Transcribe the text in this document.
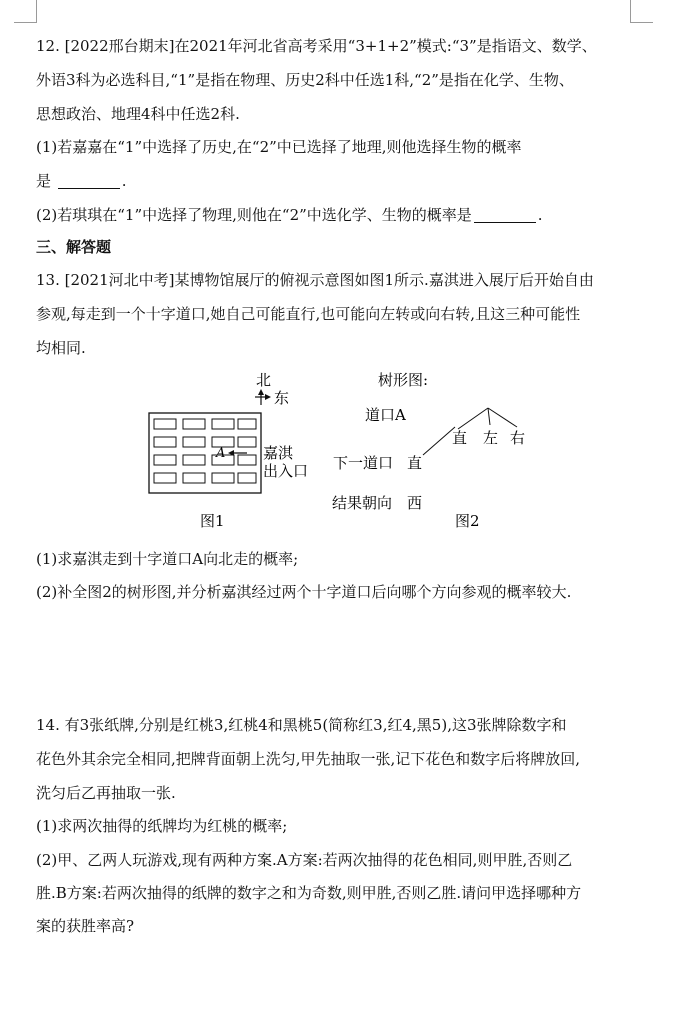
12. [2022邢台期末]在2021年河北省高考采用“3+1+2”模式:“3”是指语文、数学、
外语3科为必选科目,“1”是指在物理、历史2科中任选1科,“2”是指在化学、生物、
思想政治、地理4科中任选2科.
(1)若嘉嘉在“1”中选择了历史,在“2”中已选择了地理,则他选择生物的概率
是	.
(2)若琪琪在“1”中选择了物理,则他在“2”中选化学、生物的概率是	.
三、解答题
13. [2021河北中考]某博物馆展厅的俯视示意图如图1所示.嘉淇进入展厅后开始自由
参观,每走到一个十字道口,她自己可能直行,也可能向左转或向右转,且这三种可能性
均相同.
北
东
A	嘉淇
出入口
图1
树形图:
道口A
下一道口 直
直 左 右
结果朝向 西
图2
(1)求嘉淇走到十字道口A向北走的概率;
(2)补全图2的树形图,并分析嘉淇经过两个十字道口后向哪个方向参观的概率较大.
14. 有3张纸牌,分别是红桃3,红桃4和黑桃5(简称红3,红4,黑5),这3张牌除数字和
花色外其余完全相同,把牌背面朝上洗匀,甲先抽取一张,记下花色和数字后将牌放回,
洗匀后乙再抽取一张.
(1)求两次抽得的纸牌均为红桃的概率;
(2)甲、乙两人玩游戏,现有两种方案.A方案:若两次抽得的花色相同,则甲胜,否则乙
胜.B方案:若两次抽得的纸牌的数字之和为奇数,则甲胜,否则乙胜.请问甲选择哪种方
案的获胜率高?
